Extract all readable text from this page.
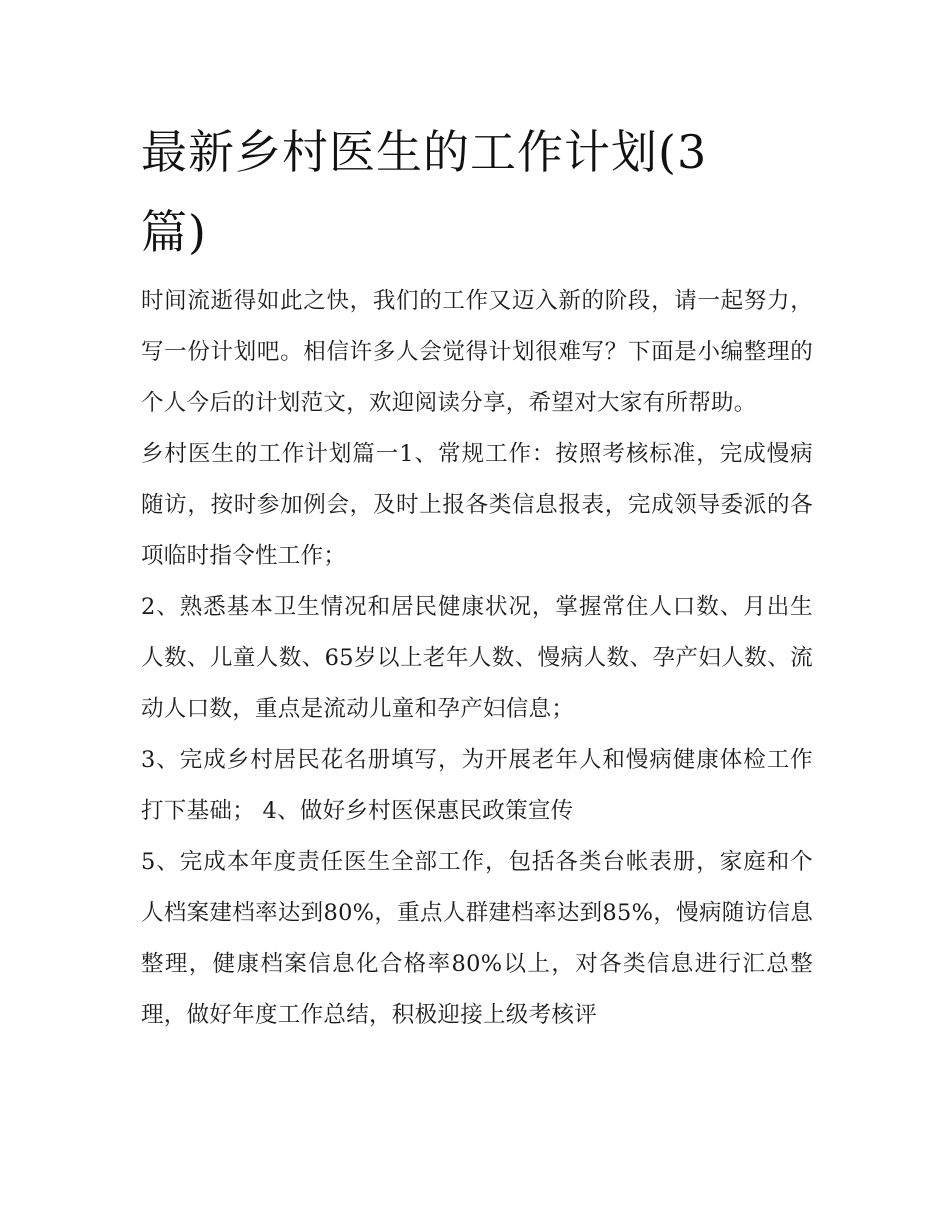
最新乡村医生的工作计划(3篇)

时间流逝得如此之快，我们的工作又迈入新的阶段，请一起努力，写一份计划吧。相信许多人会觉得计划很难写？下面是小编整理的个人今后的计划范文，欢迎阅读分享，希望对大家有所帮助。

乡村医生的工作计划篇一1、常规工作：按照考核标准，完成慢病随访，按时参加例会，及时上报各类信息报表，完成领导委派的各项临时指令性工作；

2、熟悉基本卫生情况和居民健康状况，掌握常住人口数、月出生人数、儿童人数、65岁以上老年人数、慢病人数、孕产妇人数、流动人口数，重点是流动儿童和孕产妇信息；

3、完成乡村居民花名册填写，为开展老年人和慢病健康体检工作打下基础； 4、做好乡村医保惠民政策宣传

5、完成本年度责任医生全部工作，包括各类台帐表册，家庭和个人档案建档率达到80%，重点人群建档率达到85%，慢病随访信息整理，健康档案信息化合格率80%以上，对各类信息进行汇总整理，做好年度工作总结，积极迎接上级考核评
